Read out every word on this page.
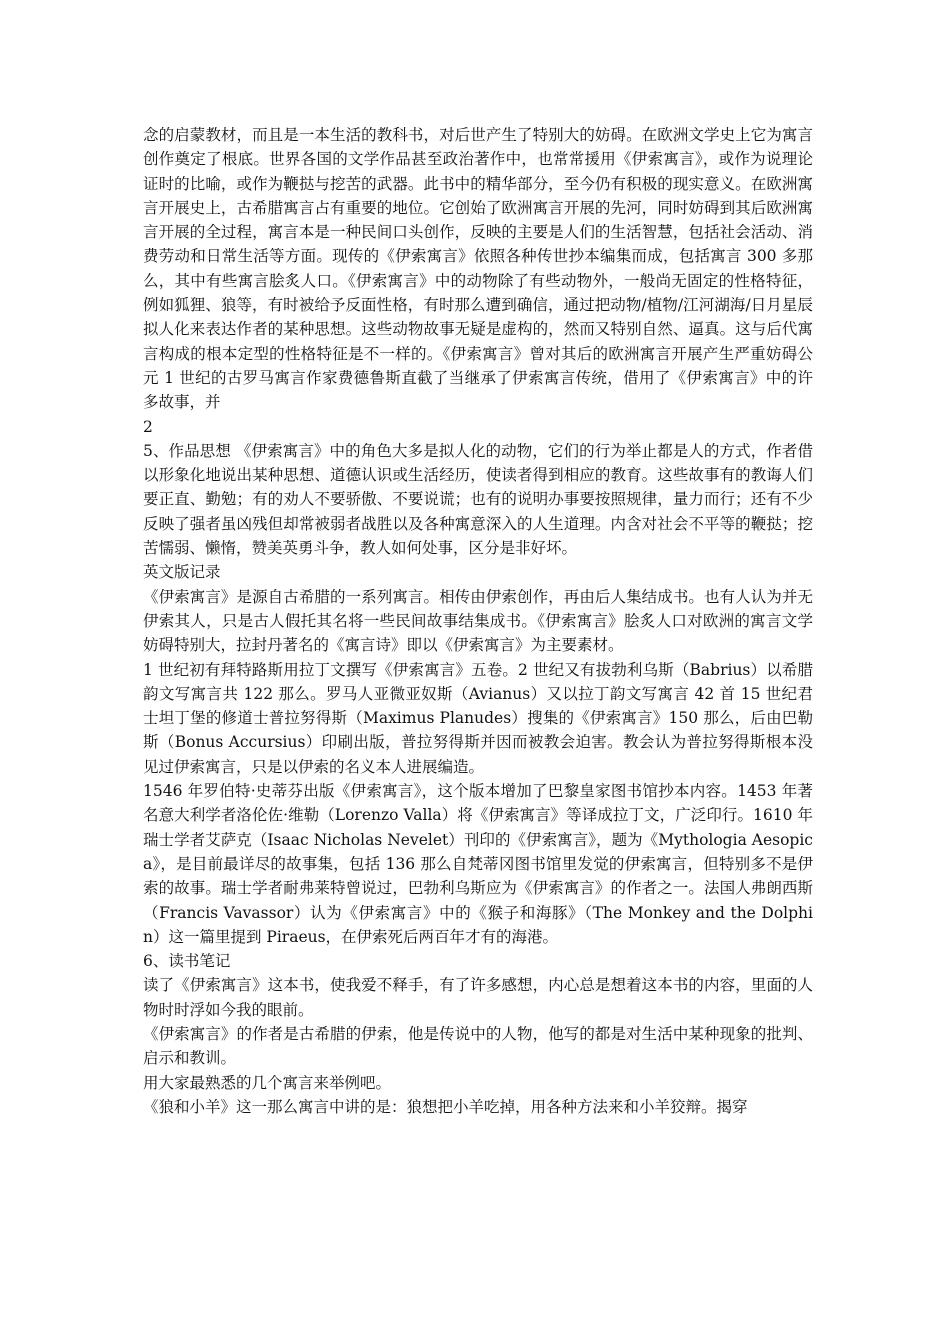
念的启蒙教材，而且是一本生活的教科书，对后世产生了特别大的妨碍。在欧洲文学史上它为寓言创作奠定了根底。世界各国的文学作品甚至政治著作中，也常常援用《伊索寓言》，或作为说理论证时的比喻，或作为鞭挞与挖苦的武器。此书中的精华部分，至今仍有积极的现实意义。在欧洲寓言开展史上，古希腊寓言占有重要的地位。它创始了欧洲寓言开展的先河，同时妨碍到其后欧洲寓言开展的全过程，寓言本是一种民间口头创作，反映的主要是人们的生活智慧，包括社会活动、消费劳动和日常生活等方面。现传的《伊索寓言》依照各种传世抄本编集而成，包括寓言 300 多那么，其中有些寓言脍炙人口。《伊索寓言》中的动物除了有些动物外，一般尚无固定的性格特征，例如狐狸、狼等，有时被给予反面性格，有时那么遭到确信，通过把动物/植物/江河湖海/日月星辰拟人化来表达作者的某种思想。这些动物故事无疑是虚构的，然而又特别自然、逼真。这与后代寓言构成的根本定型的性格特征是不一样的。《伊索寓言》曾对其后的欧洲寓言开展产生严重妨碍公元 1 世纪的古罗马寓言作家费德鲁斯直截了当继承了伊索寓言传统，借用了《伊索寓言》中的许多故事，并

2

5、作品思想 《伊索寓言》中的角色大多是拟人化的动物，它们的行为举止都是人的方式，作者借以形象化地说出某种思想、道德认识或生活经历，使读者得到相应的教育。这些故事有的教诲人们要正直、勤勉；有的劝人不要骄傲、不要说谎；也有的说明办事要按照规律，量力而行；还有不少反映了强者虽凶残但却常被弱者战胜以及各种寓意深入的人生道理。内含对社会不平等的鞭挞；挖苦懦弱、懒惰，赞美英勇斗争，教人如何处事，区分是非好坏。

英文版记录

《伊索寓言》是源自古希腊的一系列寓言。相传由伊索创作，再由后人集结成书。也有人认为并无伊索其人，只是古人假托其名将一些民间故事结集成书。《伊索寓言》脍炙人口对欧洲的寓言文学妨碍特别大，拉封丹著名的《寓言诗》即以《伊索寓言》为主要素材。

1 世纪初有拜特路斯用拉丁文撰写《伊索寓言》五卷。2 世纪又有拔勃利乌斯（Babrius）以希腊韵文写寓言共 122 那么。罗马人亚微亚奴斯（Avianus）又以拉丁韵文写寓言 42 首 15 世纪君士坦丁堡的修道士普拉努得斯（Maximus Planudes）搜集的《伊索寓言》150 那么，后由巴勒斯（Bonus Accursius）印刷出版，普拉努得斯并因而被教会迫害。教会认为普拉努得斯根本没见过伊索寓言，只是以伊索的名义本人进展编造。

1546 年罗伯特·史蒂芬出版《伊索寓言》，这个版本增加了巴黎皇家图书馆抄本内容。1453 年著名意大利学者洛伦佐·维勒（Lorenzo Valla）将《伊索寓言》等译成拉丁文，广泛印行。1610 年瑞士学者艾萨克（Isaac Nicholas Nevelet）刊印的《伊索寓言》，题为《Mythologia Aesopica》，是目前最详尽的故事集，包括 136 那么自梵蒂冈图书馆里发觉的伊索寓言，但特别多不是伊索的故事。瑞士学者耐弗莱特曾说过，巴勃利乌斯应为《伊索寓言》的作者之一。法国人弗朗西斯（Francis Vavassor）认为《伊索寓言》中的《猴子和海豚》（The Monkey and the Dolphin）这一篇里提到 Piraeus，在伊索死后两百年才有的海港。

6、读书笔记

读了《伊索寓言》这本书，使我爱不释手，有了许多感想，内心总是想着这本书的内容，里面的人物时时浮如今我的眼前。

《伊索寓言》的作者是古希腊的伊索，他是传说中的人物，他写的都是对生活中某种现象的批判、启示和教训。

用大家最熟悉的几个寓言来举例吧。

《狼和小羊》这一那么寓言中讲的是：狼想把小羊吃掉，用各种方法来和小羊狡辩。揭穿
